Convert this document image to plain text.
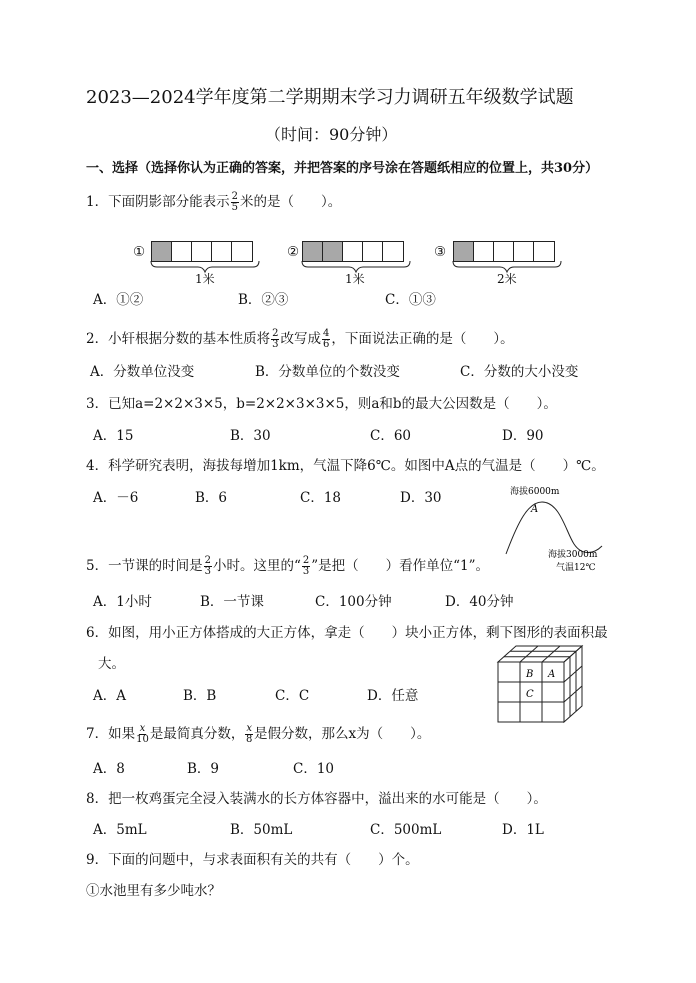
2023—2024学年度第二学期期末学习力调研五年级数学试题
（时间：90分钟）
一、选择（选择你认为正确的答案，并把答案的序号涂在答题纸相应的位置上，共30分）
1．下面阴影部分能表示 $\frac{2}{5}$ 米的是（　　）。
①	②	③
1米	1米	2米
A．①②	B．②③	C．①③
2．小轩根据分数的基本性质将 $\frac{2}{3}$ 改写成 $\frac{4}{6}$ ，下面说法正确的是（　　）。
A．分数单位没变	B．分数单位的个数没变	C．分数的大小没变
3．已知a=2×2×3×5，b=2×2×3×3×5，则a和b的最大公因数是（　　）。
A．15	B．30	C．60	D．90
4．科学研究表明，海拔每增加1km，气温下降6℃。如图中A点的气温是（　　）℃。
A．－6	B．6	C．18	D．30	海拔6000m
A
海拔3000m
气温12℃
5．一节课的时间是 $\frac{2}{3}$ 小时。这里的“ $\frac{2}{3}$ ”是把（　　）看作单位“1”。
A．1小时	B．一节课	C．100分钟	D．40分钟
6．如图，用小正方体搭成的大正方体，拿走（　　）块小正方体，剩下图形的表面积最
大。
A．A	B．B	C．C	D．任意
B A
C
7．如果 $\frac{x}{10}$ 是最简真分数， $\frac{x}{8}$ 是假分数，那么x为（　　）。
A．8	B．9	C．10
8．把一枚鸡蛋完全浸入装满水的长方体容器中，溢出来的水可能是（　　）。
A．5mL	B．50mL	C．500mL	D．1L
9．下面的问题中，与求表面积有关的共有（　　）个。
①水池里有多少吨水？
